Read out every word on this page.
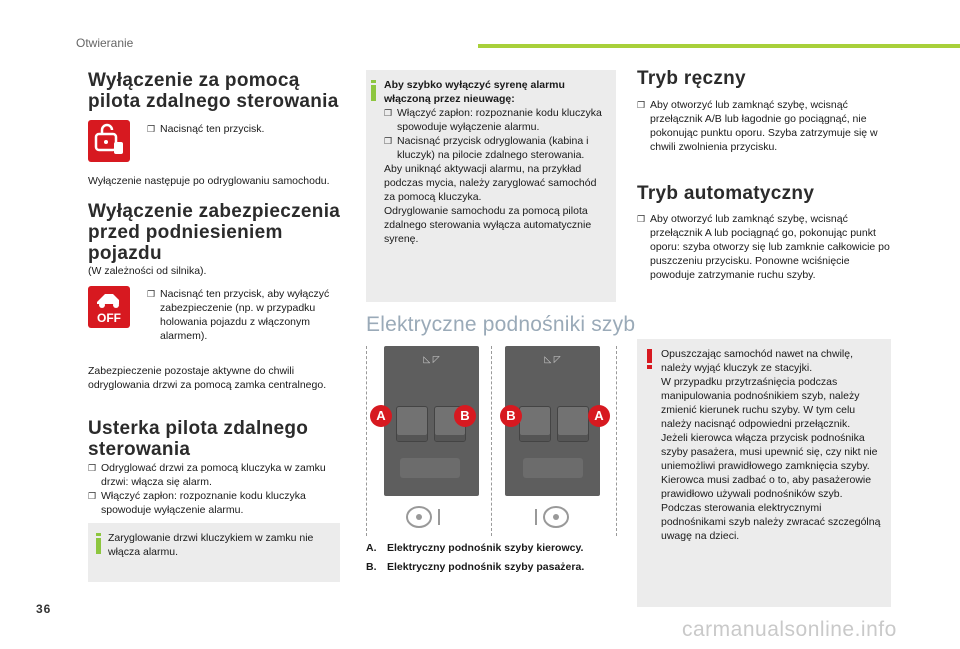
Otwieranie
36
carmanualsonline.info
Wyłączenie za pomocą pilota zdalnego sterowania
❒ Nacisnąć ten przycisk.
Wyłączenie następuje po odryglowaniu samochodu.
Wyłączenie zabezpieczenia przed podniesieniem pojazdu
(W zależności od silnika).
OFF
❒ Nacisnąć ten przycisk, aby wyłączyć zabezpieczenie (np. w przypadku holowania pojazdu z włączonym alarmem).
Zabezpieczenie pozostaje aktywne do chwili odryglowania drzwi za pomocą zamka centralnego.
Usterka pilota zdalnego sterowania
❒ Odryglować drzwi za pomocą kluczyka w zamku drzwi: włącza się alarm.
❒ Włączyć zapłon: rozpoznanie kodu kluczyka spowoduje wyłączenie alarmu.
Zaryglowanie drzwi kluczykiem w zamku nie włącza alarmu.
Aby szybko wyłączyć syrenę alarmu włączoną przez nieuwagę:
❒ Włączyć zapłon: rozpoznanie kodu kluczyka spowoduje wyłączenie alarmu.
❒ Nacisnąć przycisk odryglowania (kabina i kluczyk) na pilocie zdalnego sterowania.
Aby uniknąć aktywacji alarmu, na przykład podczas mycia, należy zaryglować samochód za pomocą kluczyka.
Odryglowanie samochodu za pomocą pilota zdalnego sterowania wyłącza automatycznie syrenę.
Elektryczne podnośniki szyb
◺ ◸
A	B
◺ ◸
B	A
A.	Elektryczny podnośnik szyby kierowcy.
B.	Elektryczny podnośnik szyby pasażera.
Tryb ręczny
❒ Aby otworzyć lub zamknąć szybę, wcisnąć przełącznik A/B lub łagodnie go pociągnąć, nie pokonując punktu oporu. Szyba zatrzymuje się w chwili zwolnienia przycisku.
Tryb automatyczny
❒ Aby otworzyć lub zamknąć szybę, wcisnąć przełącznik A lub pociągnąć go, pokonując punkt oporu: szyba otworzy się lub zamknie całkowicie po puszczeniu przycisku. Ponowne wciśnięcie powoduje zatrzymanie ruchu szyby.
Opuszczając samochód nawet na chwilę, należy wyjąć kluczyk ze stacyjki.
W przypadku przytrzaśnięcia podczas manipulowania podnośnikiem szyb, należy zmienić kierunek ruchu szyby. W tym celu należy nacisnąć odpowiedni przełącznik.
Jeżeli kierowca włącza przycisk podnośnika szyby pasażera, musi upewnić się, czy nikt nie uniemożliwi prawidłowego zamknięcia szyby.
Kierowca musi zadbać o to, aby pasażerowie prawidłowo używali podnośników szyb.
Podczas sterowania elektrycznymi podnośnikami szyb należy zwracać szczególną uwagę na dzieci.
